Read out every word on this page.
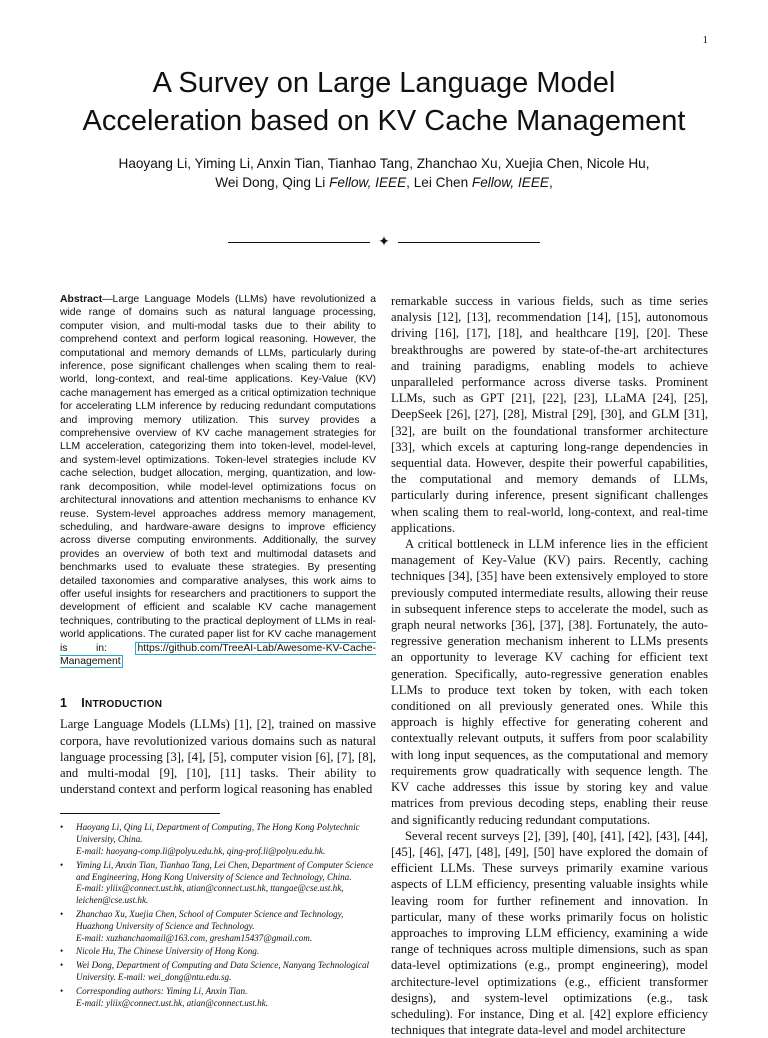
1
A Survey on Large Language Model
Acceleration based on KV Cache Management
Haoyang Li, Yiming Li, Anxin Tian, Tianhao Tang, Zhanchao Xu, Xuejia Chen, Nicole Hu,
Wei Dong, Qing Li Fellow, IEEE, Lei Chen Fellow, IEEE,
✦

Abstract—Large Language Models (LLMs) have revolutionized a wide range of domains such as natural language processing, computer vision, and multi-modal tasks due to their ability to comprehend context and perform logical reasoning. However, the computational and memory demands of LLMs, particularly during inference, pose significant challenges when scaling them to real-world, long-context, and real-time applications. Key-Value (KV) cache management has emerged as a critical optimization technique for accelerating LLM inference by reducing redundant computations and improving memory utilization. This survey provides a comprehensive overview of KV cache management strategies for LLM acceleration, categorizing them into token-level, model-level, and system-level optimizations. Token-level strategies include KV cache selection, budget allocation, merging, quantization, and low-rank decomposition, while model-level optimizations focus on architectural innovations and attention mechanisms to enhance KV reuse. System-level approaches address memory management, scheduling, and hardware-aware designs to improve efficiency across diverse computing environments. Additionally, the survey provides an overview of both text and multimodal datasets and benchmarks used to evaluate these strategies. By presenting detailed taxonomies and comparative analyses, this work aims to offer useful insights for researchers and practitioners to support the development of efficient and scalable KV cache management techniques, contributing to the practical deployment of LLMs in real-world applications. The curated paper list for KV cache management is in: https://github.com/TreeAI-Lab/Awesome-KV-Cache-Management

1 INTRODUCTION

Large Language Models (LLMs) [1], [2], trained on massive corpora, have revolutionized various domains such as natural language processing [3], [4], [5], computer vision [6], [7], [8], and multi-modal [9], [10], [11] tasks. Their ability to understand context and perform logical reasoning has enabled

• Haoyang Li, Qing Li, Department of Computing, The Hong Kong Polytechnic University, China.
E-mail: haoyang-comp.li@polyu.edu.hk, qing-prof.li@polyu.edu.hk.
• Yiming Li, Anxin Tian, Tianhao Tang, Lei Chen, Department of Computer Science and Engineering, Hong Kong University of Science and Technology, China.
E-mail: yliix@connect.ust.hk, atian@connect.ust.hk, ttangae@cse.ust.hk, leichen@cse.ust.hk.
• Zhanchao Xu, Xuejia Chen, School of Computer Science and Technology, Huazhong University of Science and Technology.
E-mail: xuzhanchaomail@163.com, gresham15437@gmail.com.
• Nicole Hu, The Chinese University of Hong Kong.
• Wei Dong, Department of Computing and Data Science, Nanyang Technological University. E-mail: wei_dong@ntu.edu.sg.
• Corresponding authors: Yiming Li, Anxin Tian.
E-mail: yliix@connect.ust.hk, atian@connect.ust.hk.

remarkable success in various fields, such as time series analysis [12], [13], recommendation [14], [15], autonomous driving [16], [17], [18], and healthcare [19], [20]. These breakthroughs are powered by state-of-the-art architectures and training paradigms, enabling models to achieve unparalleled performance across diverse tasks. Prominent LLMs, such as GPT [21], [22], [23], LLaMA [24], [25], DeepSeek [26], [27], [28], Mistral [29], [30], and GLM [31], [32], are built on the foundational transformer architecture [33], which excels at capturing long-range dependencies in sequential data. However, despite their powerful capabilities, the computational and memory demands of LLMs, particularly during inference, present significant challenges when scaling them to real-world, long-context, and real-time applications.

A critical bottleneck in LLM inference lies in the efficient management of Key-Value (KV) pairs. Recently, caching techniques [34], [35] have been extensively employed to store previously computed intermediate results, allowing their reuse in subsequent inference steps to accelerate the model, such as graph neural networks [36], [37], [38]. Fortunately, the auto-regressive generation mechanism inherent to LLMs presents an opportunity to leverage KV caching for efficient text generation. Specifically, auto-regressive generation enables LLMs to produce text token by token, with each token conditioned on all previously generated ones. While this approach is highly effective for generating coherent and contextually relevant outputs, it suffers from poor scalability with long input sequences, as the computational and memory requirements grow quadratically with sequence length. The KV cache addresses this issue by storing key and value matrices from previous decoding steps, enabling their reuse and significantly reducing redundant computations.

Several recent surveys [2], [39], [40], [41], [42], [43], [44], [45], [46], [47], [48], [49], [50] have explored the domain of efficient LLMs. These surveys primarily examine various aspects of LLM efficiency, presenting valuable insights while leaving room for further refinement and innovation. In particular, many of these works primarily focus on holistic approaches to improving LLM efficiency, examining a wide range of techniques across multiple dimensions, such as span data-level optimizations (e.g., prompt engineering), model architecture-level optimizations (e.g., efficient transformer designs), and system-level optimizations (e.g., task scheduling). For instance, Ding et al. [42] explore efficiency techniques that integrate data-level and model architecture
